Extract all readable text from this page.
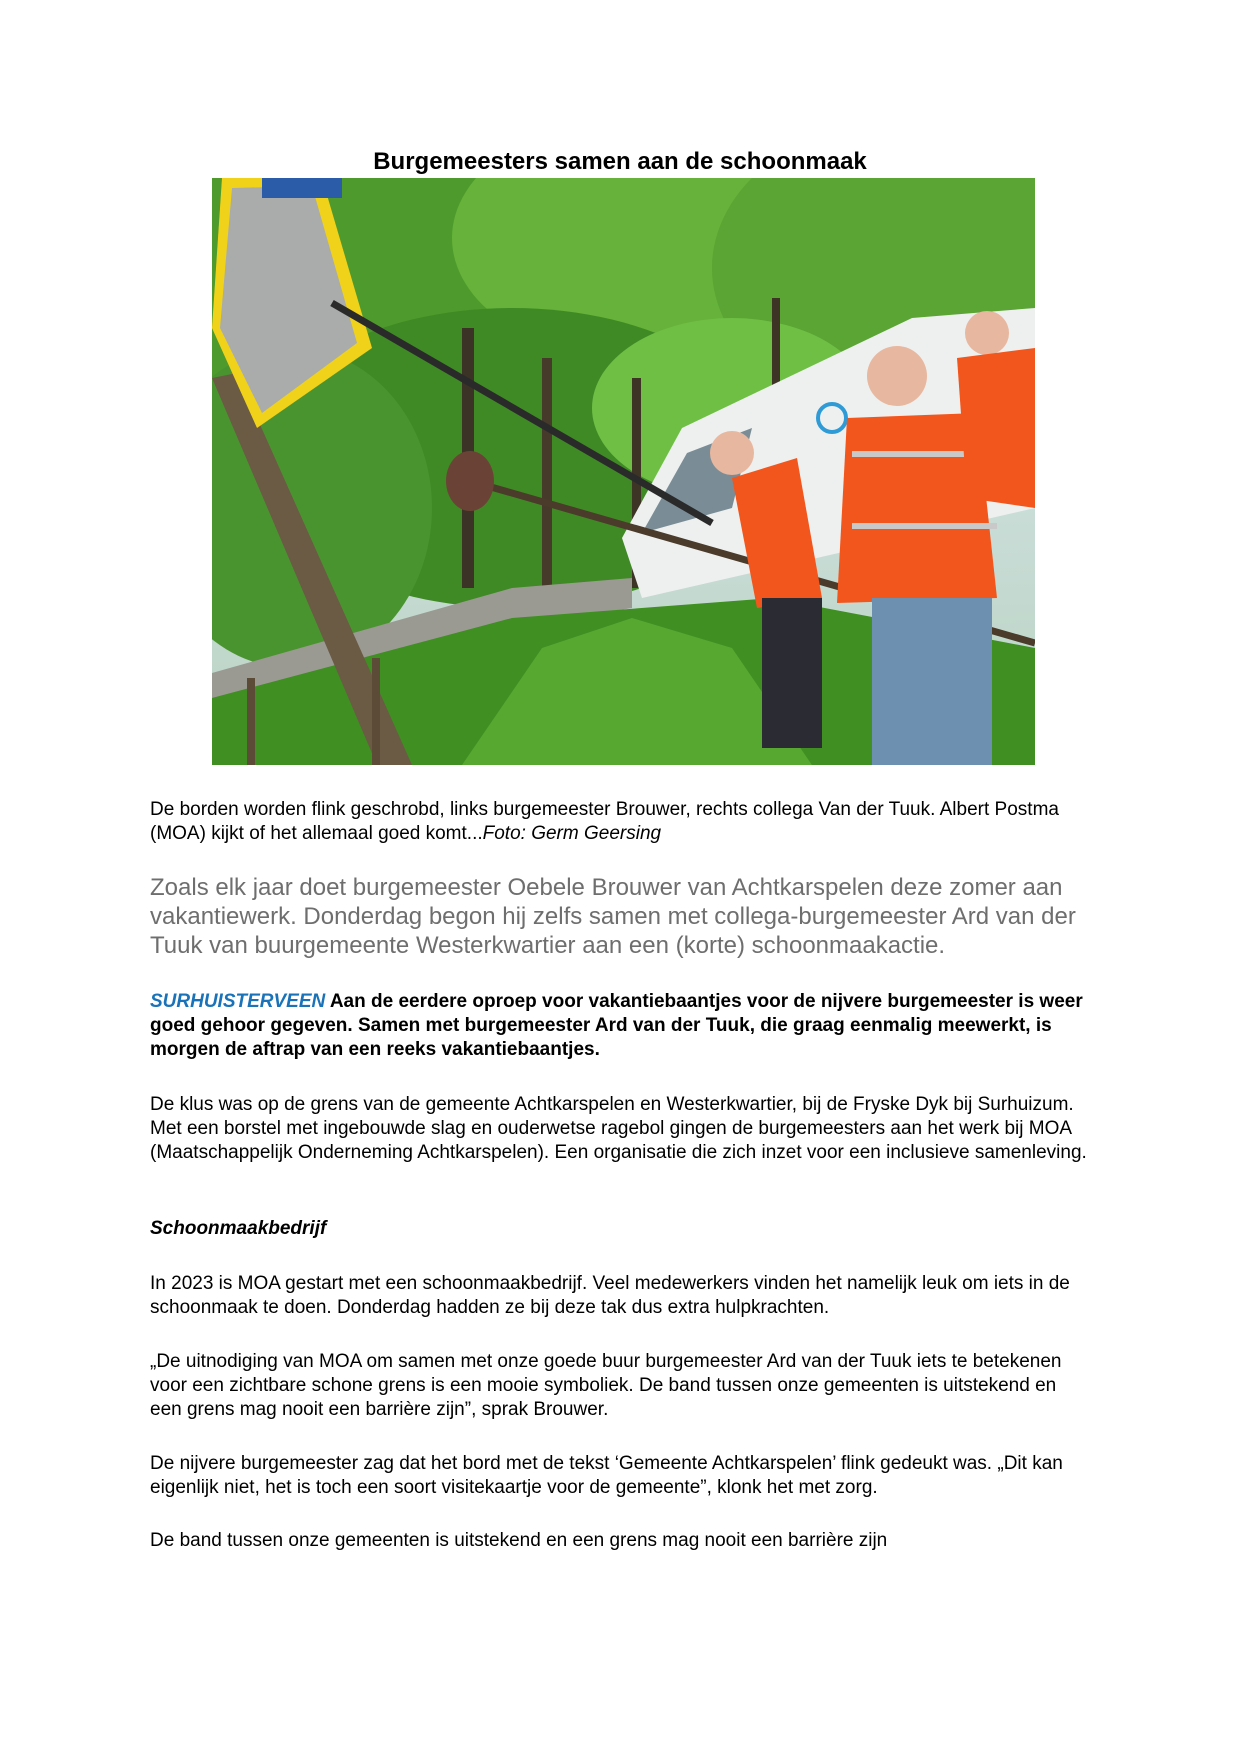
Burgemeesters samen aan de schoonmaak

De borden worden flink geschrobd, links burgemeester Brouwer, rechts collega Van der Tuuk. Albert Postma (MOA) kijkt of het allemaal goed komt...Foto: Germ Geersing

Zoals elk jaar doet burgemeester Oebele Brouwer van Achtkarspelen deze zomer aan vakantiewerk. Donderdag begon hij zelfs samen met collega-burgemeester Ard van der Tuuk van buurgemeente Westerkwartier aan een (korte) schoonmaakactie.

SURHUISTERVEEN Aan de eerdere oproep voor vakantiebaantjes voor de nijvere burgemeester is weer goed gehoor gegeven. Samen met burgemeester Ard van der Tuuk, die graag eenmalig meewerkt, is morgen de aftrap van een reeks vakantiebaantjes.

De klus was op de grens van de gemeente Achtkarspelen en Westerkwartier, bij de Fryske Dyk bij Surhuizum. Met een borstel met ingebouwde slag en ouderwetse ragebol gingen de burgemeesters aan het werk bij MOA (Maatschappelijk Onderneming Achtkarspelen). Een organisatie die zich inzet voor een inclusieve samenleving.

Schoonmaakbedrijf

In 2023 is MOA gestart met een schoonmaakbedrijf. Veel medewerkers vinden het namelijk leuk om iets in de schoonmaak te doen. Donderdag hadden ze bij deze tak dus extra hulpkrachten.

„De uitnodiging van MOA om samen met onze goede buur burgemeester Ard van der Tuuk iets te betekenen voor een zichtbare schone grens is een mooie symboliek. De band tussen onze gemeenten is uitstekend en een grens mag nooit een barrière zijn”, sprak Brouwer.

De nijvere burgemeester zag dat het bord met de tekst ‘Gemeente Achtkarspelen’ flink gedeukt was. „Dit kan eigenlijk niet, het is toch een soort visitekaartje voor de gemeente”, klonk het met zorg.

De band tussen onze gemeenten is uitstekend en een grens mag nooit een barrière zijn
